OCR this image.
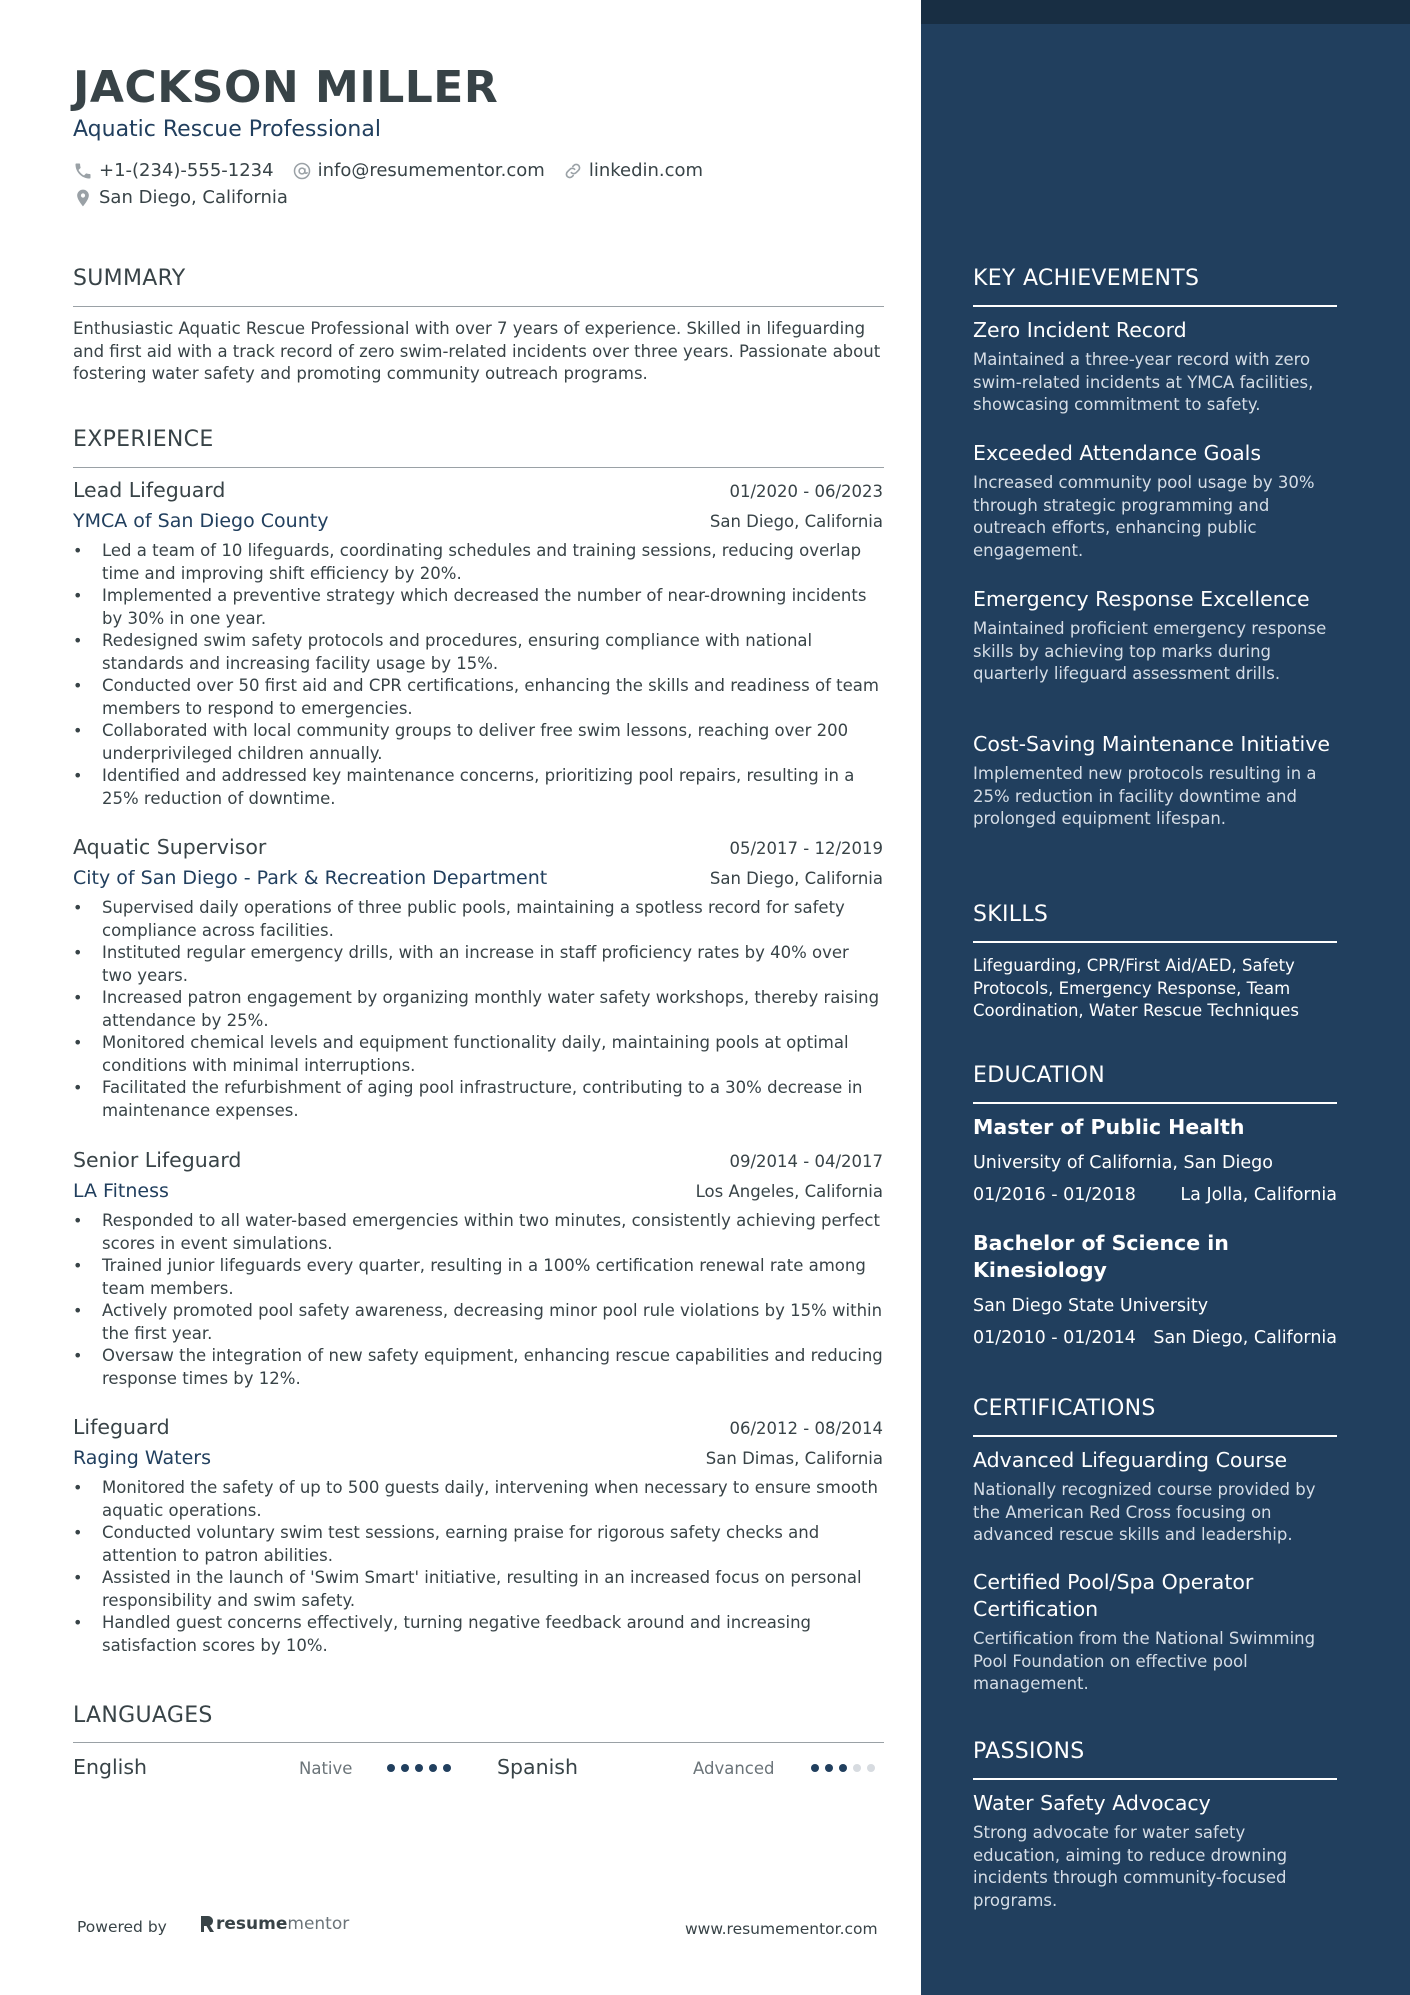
JACKSON MILLER
Aquatic Rescue Professional
+1-(234)-555-1234 info@resumementor.com linkedin.com
San Diego, California
SUMMARY
Enthusiastic Aquatic Rescue Professional with over 7 years of experience. Skilled in lifeguarding and first aid with a track record of zero swim-related incidents over three years. Passionate about fostering water safety and promoting community outreach programs.
EXPERIENCE
Lead Lifeguard	01/2020 - 06/2023
YMCA of San Diego County	San Diego, California
• Led a team of 10 lifeguards, coordinating schedules and training sessions, reducing overlap time and improving shift efficiency by 20%.
• Implemented a preventive strategy which decreased the number of near-drowning incidents by 30% in one year.
• Redesigned swim safety protocols and procedures, ensuring compliance with national standards and increasing facility usage by 15%.
• Conducted over 50 first aid and CPR certifications, enhancing the skills and readiness of team members to respond to emergencies.
• Collaborated with local community groups to deliver free swim lessons, reaching over 200 underprivileged children annually.
• Identified and addressed key maintenance concerns, prioritizing pool repairs, resulting in a 25% reduction of downtime.
Aquatic Supervisor	05/2017 - 12/2019
City of San Diego - Park & Recreation Department	San Diego, California
• Supervised daily operations of three public pools, maintaining a spotless record for safety compliance across facilities.
• Instituted regular emergency drills, with an increase in staff proficiency rates by 40% over two years.
• Increased patron engagement by organizing monthly water safety workshops, thereby raising attendance by 25%.
• Monitored chemical levels and equipment functionality daily, maintaining pools at optimal conditions with minimal interruptions.
• Facilitated the refurbishment of aging pool infrastructure, contributing to a 30% decrease in maintenance expenses.
Senior Lifeguard	09/2014 - 04/2017
LA Fitness	Los Angeles, California
• Responded to all water-based emergencies within two minutes, consistently achieving perfect scores in event simulations.
• Trained junior lifeguards every quarter, resulting in a 100% certification renewal rate among team members.
• Actively promoted pool safety awareness, decreasing minor pool rule violations by 15% within the first year.
• Oversaw the integration of new safety equipment, enhancing rescue capabilities and reducing response times by 12%.
Lifeguard	06/2012 - 08/2014
Raging Waters	San Dimas, California
• Monitored the safety of up to 500 guests daily, intervening when necessary to ensure smooth aquatic operations.
• Conducted voluntary swim test sessions, earning praise for rigorous safety checks and attention to patron abilities.
• Assisted in the launch of 'Swim Smart' initiative, resulting in an increased focus on personal responsibility and swim safety.
• Handled guest concerns effectively, turning negative feedback around and increasing satisfaction scores by 10%.
LANGUAGES
English	Native	Spanish	Advanced
Powered by	resume mentor	www.resumementor.com
KEY ACHIEVEMENTS
Zero Incident Record
Maintained a three-year record with zero swim-related incidents at YMCA facilities, showcasing commitment to safety.
Exceeded Attendance Goals
Increased community pool usage by 30% through strategic programming and outreach efforts, enhancing public engagement.
Emergency Response Excellence
Maintained proficient emergency response skills by achieving top marks during quarterly lifeguard assessment drills.
Cost-Saving Maintenance Initiative
Implemented new protocols resulting in a 25% reduction in facility downtime and prolonged equipment lifespan.
SKILLS
Lifeguarding, CPR/First Aid/AED, Safety Protocols, Emergency Response, Team Coordination, Water Rescue Techniques
EDUCATION
Master of Public Health
University of California, San Diego
01/2016 - 01/2018	La Jolla, California
Bachelor of Science in Kinesiology
San Diego State University
01/2010 - 01/2014 San Diego, California
CERTIFICATIONS
Advanced Lifeguarding Course
Nationally recognized course provided by the American Red Cross focusing on advanced rescue skills and leadership.
Certified Pool/Spa Operator Certification
Certification from the National Swimming Pool Foundation on effective pool management.
PASSIONS
Water Safety Advocacy
Strong advocate for water safety education, aiming to reduce drowning incidents through community-focused programs.
